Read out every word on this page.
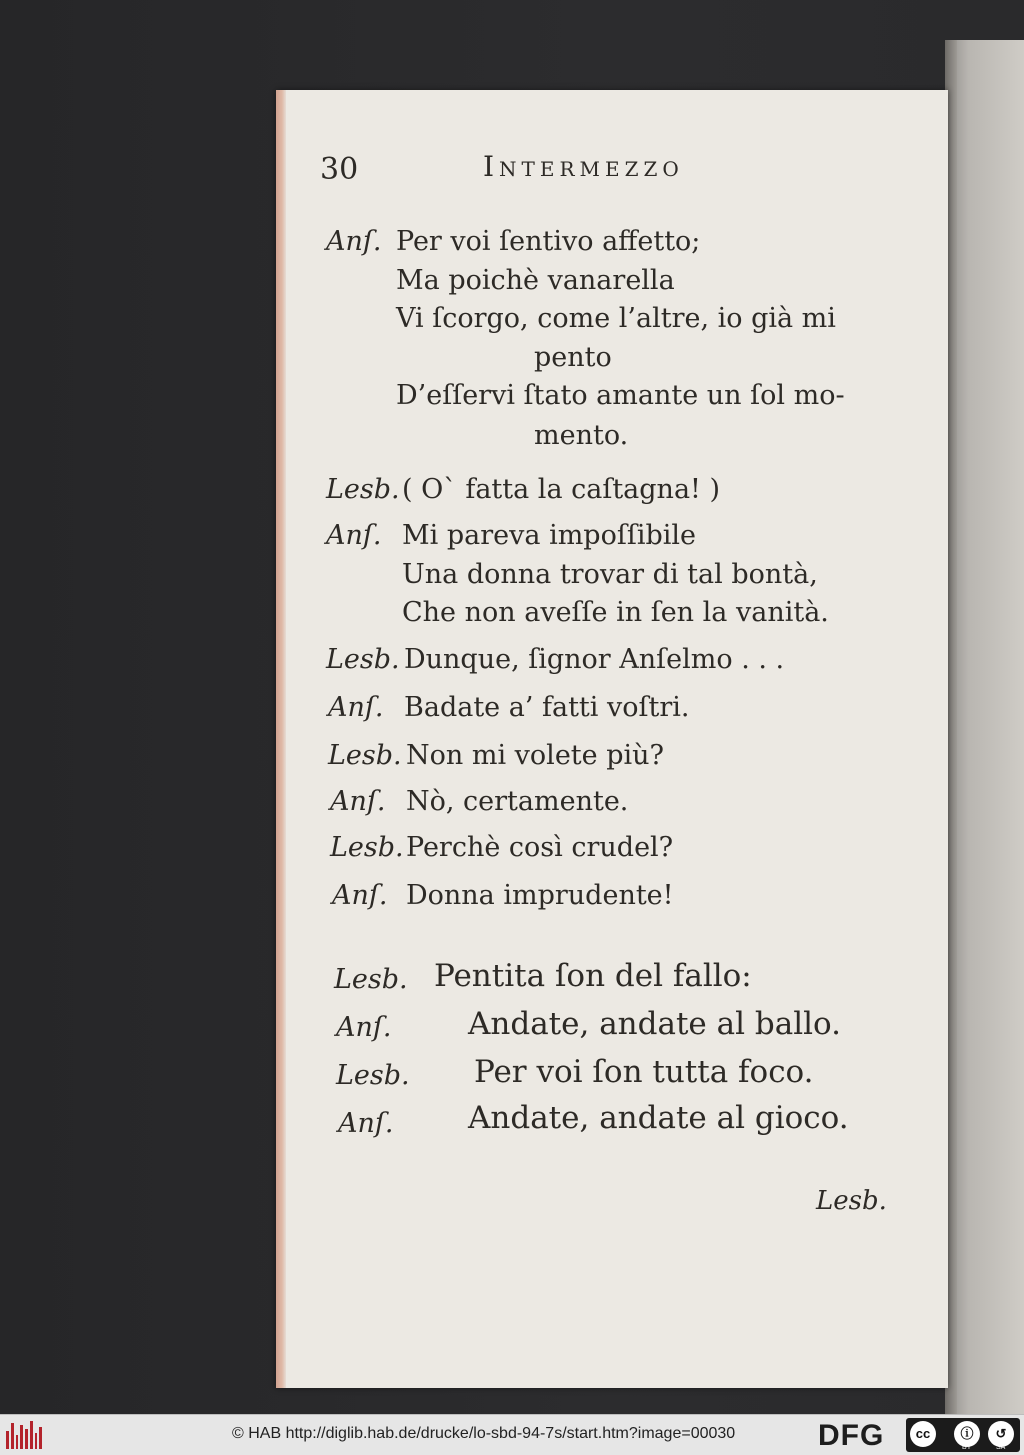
30	Intermezzo
Anſ. Per voi ſentivo affetto;
Ma poichè vanarella
Vi ſcorgo, come l’altre, io già mi
pento
D’eſſervi ſtato amante un ſol mo-
mento.
Lesb. ( O` fatta la caſtagna! )
Anſ. Mi pareva impoſſibile
Una donna trovar di tal bontà,
Che non aveſſe in ſen la vanità.
Lesb. Dunque, ſignor Anſelmo . . .
Anſ. Badate a’ fatti voſtri.
Lesb. Non mi volete più?
Anſ. Nò, certamente.
Lesb. Perchè così crudel?
Anſ. Donna imprudente!
Lesb. Pentita ſon del fallo:
Anſ. Andate, andate al ballo.
Lesb. Per voi ſon tutta foco.
Anſ. Andate, andate al gioco.
Lesb.
© HAB http://diglib.hab.de/drucke/lo-sbd-94-7s/start.htm?image=00030	DFG	cc	ⓘ	↺
BY	SA
